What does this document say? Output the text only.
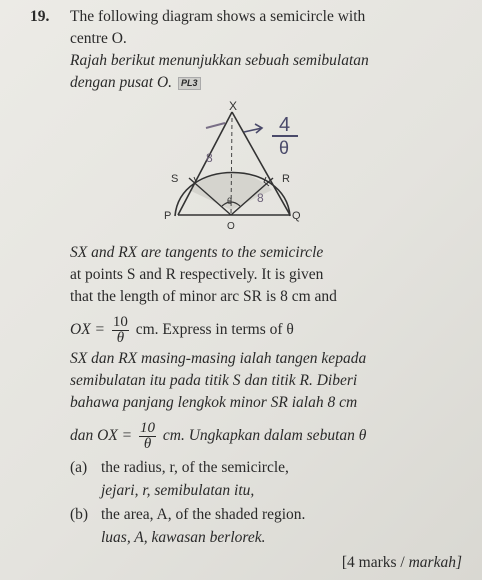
19. The following diagram shows a semicircle with
centre O.
Rajah berikut menunjukkan sebuah semibulatan
dengan pusat O. PL3
X
S	R
P
O
Q
θ
4
θ
8
8
SX and RX are tangents to the semicircle
at points S and R respectively. It is given
that the length of minor arc SR is 8 cm and
OX = $\frac{10}{\theta}$ cm. Express in terms of θ
SX dan RX masing-masing ialah tangen kepada
semibulatan itu pada titik S dan titik R. Diberi
bahawa panjang lengkok minor SR ialah 8 cm
dan OX = $\frac{10}{\theta}$ cm. Ungkapkan dalam sebutan θ
(a) the radius, r, of the semicircle,
jejari, r, semibulatan itu,
(b) the area, A, of the shaded region.
luas, A, kawasan berlorek.
[4 marks / markah]
